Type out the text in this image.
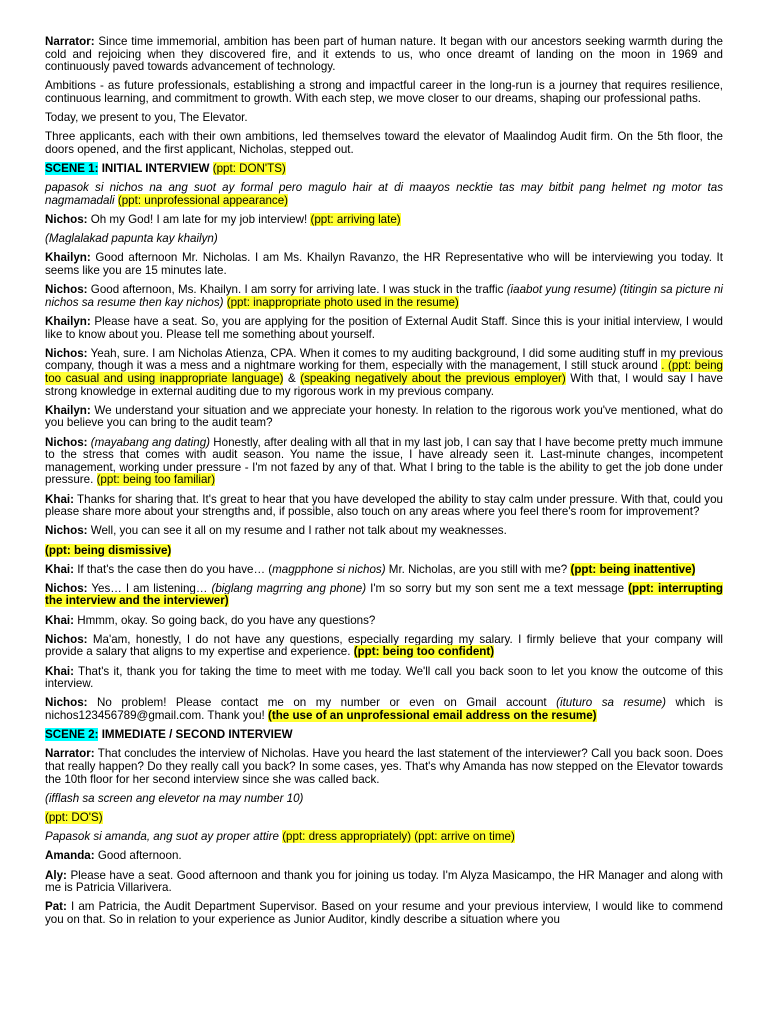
Narrator: Since time immemorial, ambition has been part of human nature. It began with our ancestors seeking warmth during the cold and rejoicing when they discovered fire, and it extends to us, who once dreamt of landing on the moon in 1969 and continuously paved towards advancement of technology.

Ambitions - as future professionals, establishing a strong and impactful career in the long-run is a journey that requires resilience, continuous learning, and commitment to growth. With each step, we move closer to our dreams, shaping our professional paths.

Today, we present to you, The Elevator.

Three applicants, each with their own ambitions, led themselves toward the elevator of Maalindog Audit firm. On the 5th floor, the doors opened, and the first applicant, Nicholas, stepped out.

SCENE 1: INITIAL INTERVIEW (ppt: DON'TS)

papasok si nichos na ang suot ay formal pero magulo hair at di maayos necktie tas may bitbit pang helmet ng motor tas nagmamadali (ppt: unprofessional appearance)

Nichos: Oh my God! I am late for my job interview! (ppt: arriving late)

(Maglalakad papunta kay khailyn)

Khailyn: Good afternoon Mr. Nicholas. I am Ms. Khailyn Ravanzo, the HR Representative who will be interviewing you today. It seems like you are 15 minutes late.

Nichos: Good afternoon, Ms. Khailyn. I am sorry for arriving late. I was stuck in the traffic (iaabot yung resume) (titingin sa picture ni nichos sa resume then kay nichos) (ppt: inappropriate photo used in the resume)

Khailyn: Please have a seat. So, you are applying for the position of External Audit Staff. Since this is your initial interview, I would like to know about you. Please tell me something about yourself.

Nichos: Yeah, sure. I am Nicholas Atienza, CPA. When it comes to my auditing background, I did some auditing stuff in my previous company, though it was a mess and a nightmare working for them, especially with the management, I still stuck around . (ppt: being too casual and using inappropriate language) & (speaking negatively about the previous employer) With that, I would say I have strong knowledge in external auditing due to my rigorous work in my previous company.

Khailyn: We understand your situation and we appreciate your honesty. In relation to the rigorous work you've mentioned, what do you believe you can bring to the audit team?

Nichos: (mayabang ang dating) Honestly, after dealing with all that in my last job, I can say that I have become pretty much immune to the stress that comes with audit season. You name the issue, I have already seen it. Last-minute changes, incompetent management, working under pressure - I'm not fazed by any of that. What I bring to the table is the ability to get the job done under pressure. (ppt: being too familiar)

Khai: Thanks for sharing that. It's great to hear that you have developed the ability to stay calm under pressure. With that, could you please share more about your strengths and, if possible, also touch on any areas where you feel there's room for improvement?

Nichos: Well, you can see it all on my resume and I rather not talk about my weaknesses.

(ppt: being dismissive)

Khai: If that's the case then do you have… (magpphone si nichos) Mr. Nicholas, are you still with me? (ppt: being inattentive)

Nichos: Yes… I am listening… (biglang magrring ang phone) I'm so sorry but my son sent me a text message (ppt: interrupting the interview and the interviewer)

Khai: Hmmm, okay. So going back, do you have any questions?

Nichos: Ma'am, honestly, I do not have any questions, especially regarding my salary. I firmly believe that your company will provide a salary that aligns to my expertise and experience. (ppt: being too confident)

Khai: That's it, thank you for taking the time to meet with me today. We'll call you back soon to let you know the outcome of this interview.

Nichos: No problem! Please contact me on my number or even on Gmail account (ituturo sa resume) which is nichos123456789@gmail.com. Thank you! (the use of an unprofessional email address on the resume)

SCENE 2: IMMEDIATE / SECOND INTERVIEW

Narrator: That concludes the interview of Nicholas. Have you heard the last statement of the interviewer? Call you back soon. Does that really happen? Do they really call you back? In some cases, yes. That's why Amanda has now stepped on the Elevator towards the 10th floor for her second interview since she was called back.

(ifflash sa screen ang elevetor na may number 10)

(ppt: DO'S)

Papasok si amanda, ang suot ay proper attire (ppt: dress appropriately) (ppt: arrive on time)

Amanda: Good afternoon.

Aly: Please have a seat. Good afternoon and thank you for joining us today. I'm Alyza Masicampo, the HR Manager and along with me is Patricia Villarivera.

Pat: I am Patricia, the Audit Department Supervisor. Based on your resume and your previous interview, I would like to commend you on that. So in relation to your experience as Junior Auditor, kindly describe a situation where you
